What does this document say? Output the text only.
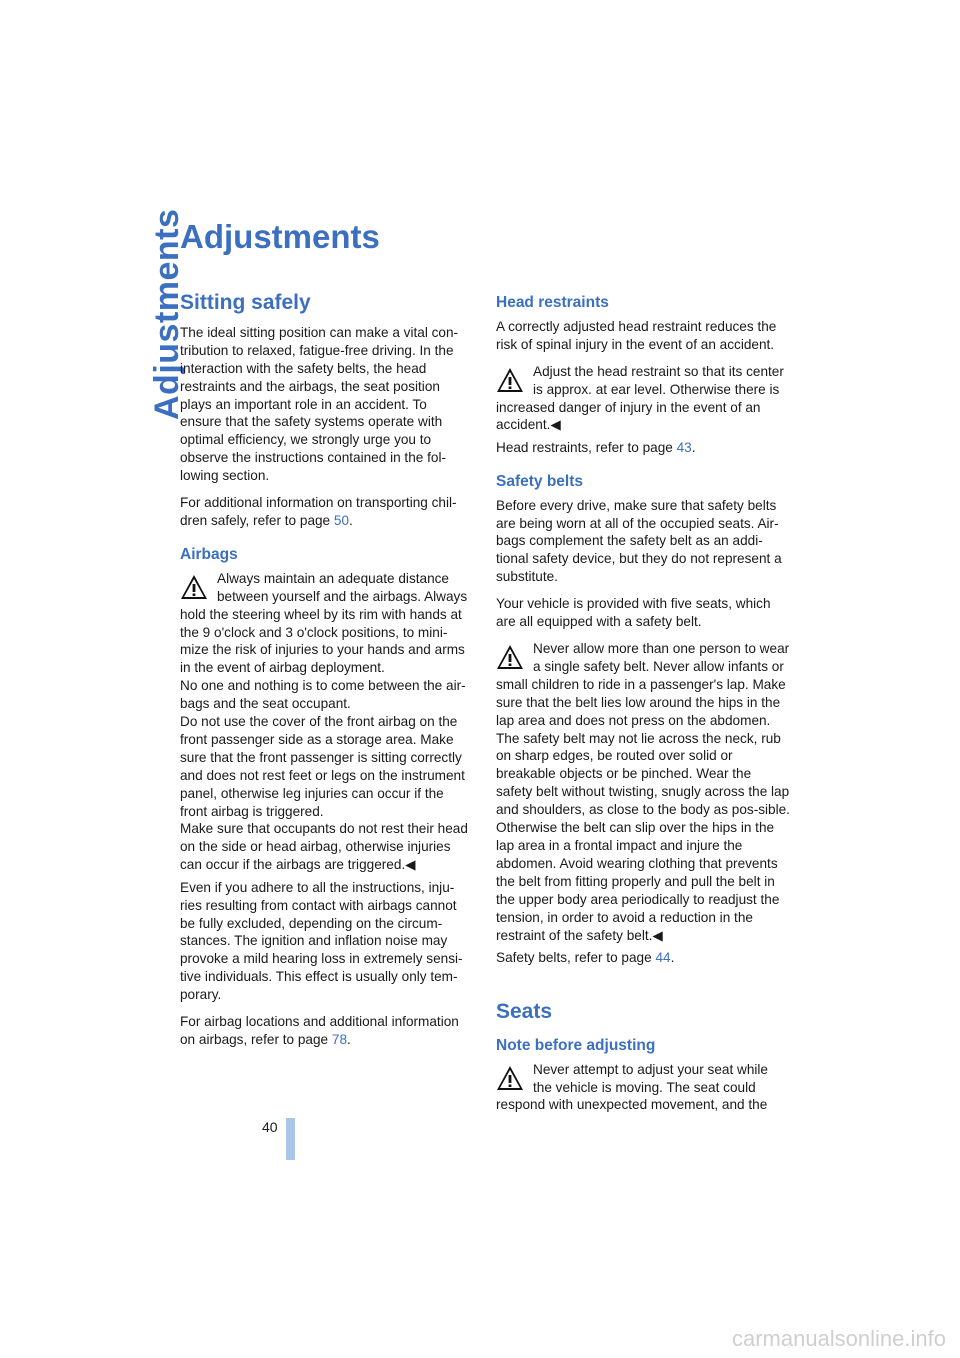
Adjustments
Adjustments
Sitting safely

The ideal sitting position can make a vital con-tribution to relaxed, fatigue-free driving. In the interaction with the safety belts, the head restraints and the airbags, the seat position plays an important role in an accident. To ensure that the safety systems operate with optimal efficiency, we strongly urge you to observe the instructions contained in the fol-lowing section.

For additional information on transporting chil-dren safely, refer to page 50.

Airbags
Always maintain an adequate distance between yourself and the airbags. Always hold the steering wheel by its rim with hands at the 9 o'clock and 3 o'clock positions, to mini-mize the risk of injuries to your hands and arms in the event of airbag deployment.
No one and nothing is to come between the air-bags and the seat occupant.
Do not use the cover of the front airbag on the front passenger side as a storage area. Make sure that the front passenger is sitting correctly and does not rest feet or legs on the instrument panel, otherwise leg injuries can occur if the front airbag is triggered.
Make sure that occupants do not rest their head on the side or head airbag, otherwise injuries can occur if the airbags are triggered.◀

Even if you adhere to all the instructions, inju-ries resulting from contact with airbags cannot be fully excluded, depending on the circum-stances. The ignition and inflation noise may provoke a mild hearing loss in extremely sensi-tive individuals. This effect is usually only tem-porary.

For airbag locations and additional information on airbags, refer to page 78.

Head restraints

A correctly adjusted head restraint reduces the risk of spinal injury in the event of an accident.

Adjust the head restraint so that its center is approx. at ear level. Otherwise there is increased danger of injury in the event of an accident.◀

Head restraints, refer to page 43.

Safety belts

Before every drive, make sure that safety belts are being worn at all of the occupied seats. Air-bags complement the safety belt as an addi-tional safety device, but they do not represent a substitute.

Your vehicle is provided with five seats, which are all equipped with a safety belt.

Never allow more than one person to wear a single safety belt. Never allow infants or small children to ride in a passenger's lap. Make sure that the belt lies low around the hips in the lap area and does not press on the abdomen. The safety belt may not lie across the neck, rub on sharp edges, be routed over solid or breakable objects or be pinched. Wear the safety belt without twisting, snugly across the lap and shoulders, as close to the body as pos-sible. Otherwise the belt can slip over the hips in the lap area in a frontal impact and injure the abdomen. Avoid wearing clothing that prevents the belt from fitting properly and pull the belt in the upper body area periodically to readjust the tension, in order to avoid a reduction in the restraint of the safety belt.◀

Safety belts, refer to page 44.

Seats
Note before adjusting
Never attempt to adjust your seat while the vehicle is moving. The seat could respond with unexpected movement, and the
40
carmanualsonline.info
